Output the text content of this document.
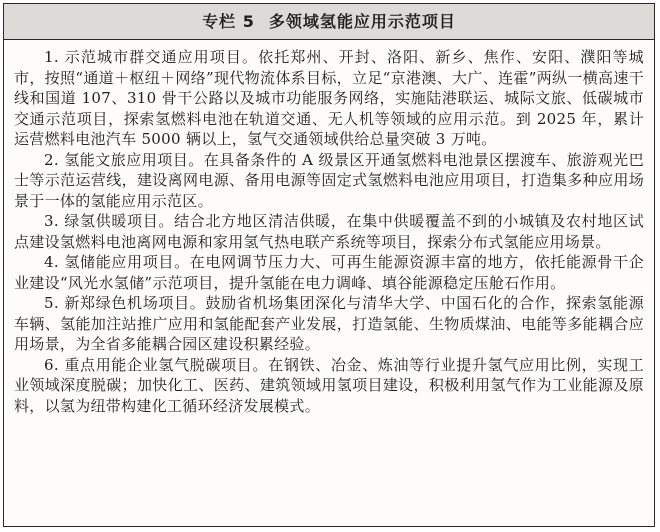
专栏 5 多领域氢能应用示范项目

1. 示范城市群交通应用项目。依托郑州、开封、洛阳、新乡、焦作、安阳、濮阳等城市，按照“通道＋枢纽＋网络”现代物流体系目标，立足“京港澳、大广、连霍”两纵一横高速干线和国道 107、310 骨干公路以及城市功能服务网络，实施陆港联运、城际文旅、低碳城市交通示范项目，探索氢燃料电池在轨道交通、无人机等领域的应用示范。到 2025 年，累计运营燃料电池汽车 5000 辆以上，氢气交通领域供给总量突破 3 万吨。

2. 氢能文旅应用项目。在具备条件的 A 级景区开通氢燃料电池景区摆渡车、旅游观光巴士等示范运营线，建设离网电源、备用电源等固定式氢燃料电池应用项目，打造集多种应用场景于一体的氢能应用示范区。

3. 绿氢供暖项目。结合北方地区清洁供暖，在集中供暖覆盖不到的小城镇及农村地区试点建设氢燃料电池离网电源和家用氢气热电联产系统等项目，探索分布式氢能应用场景。

4. 氢储能应用项目。在电网调节压力大、可再生能源资源丰富的地方，依托能源骨干企业建设“风光水氢储”示范项目，提升氢能在电力调峰、填谷能源稳定压舱石作用。

5. 新郑绿色机场项目。鼓励省机场集团深化与清华大学、中国石化的合作，探索氢能源车辆、氢能加注站推广应用和氢能配套产业发展，打造氢能、生物质煤油、电能等多能耦合应用场景，为全省多能耦合园区建设积累经验。

6. 重点用能企业氢气脱碳项目。在钢铁、冶金、炼油等行业提升氢气应用比例，实现工业领域深度脱碳；加快化工、医药、建筑领域用氢项目建设，积极利用氢气作为工业能源及原料，以氢为纽带构建化工循环经济发展模式。
